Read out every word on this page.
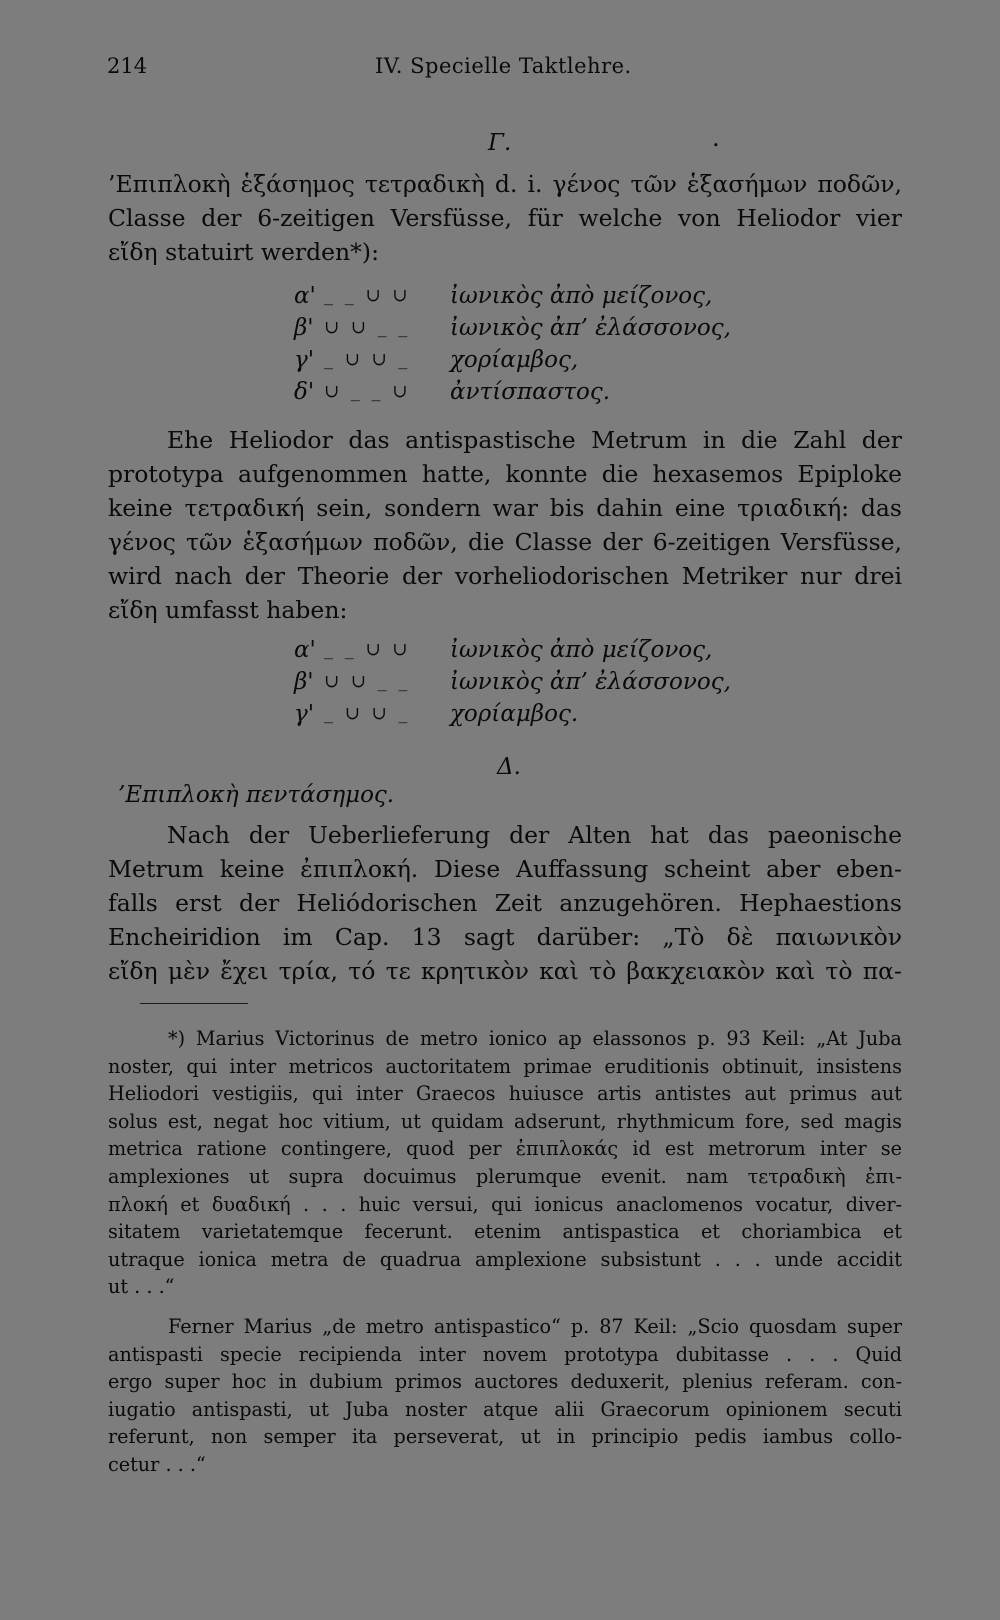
214	IV. Specielle Taktlehre.
Γ.	.
’Επιπλοκὴ ἑξάσημος τετραδικὴ d. i. γένος τῶν ἑξασήμων ποδῶν,
Classe der 6-zeitigen Versfüsse, für welche von Heliodor vier
εἴδη statuirt werden*):
α' _ _ ∪ ∪	ἰωνικὸς ἀπὸ μείζονος,
β' ∪ ∪ _ _	ἰωνικὸς ἀπ’ ἐλάσσονος,
γ' _ ∪ ∪ _	χορίαμβος,
δ' ∪ _ _ ∪	ἀντίσπαστος.
Ehe Heliodor das antispastische Metrum in die Zahl der
prototypa aufgenommen hatte, konnte die hexasemos Epiploke
keine τετραδική sein, sondern war bis dahin eine τριαδική: das
γένος τῶν ἑξασήμων ποδῶν, die Classe der 6-zeitigen Versfüsse,
wird nach der Theorie der vorheliodorischen Metriker nur drei
εἴδη umfasst haben:
α' _ _ ∪ ∪	ἰωνικὸς ἀπὸ μείζονος,
β' ∪ ∪ _ _	ἰωνικὸς ἀπ’ ἐλάσσονος,
γ' _ ∪ ∪ _	χορίαμβος.
Δ.
’Επιπλοκὴ πεντάσημος.
Nach der Ueberlieferung der Alten hat das paeonische
Metrum keine ἐπιπλοκή. Diese Auffassung scheint aber eben-
falls erst der Heliódorischen Zeit anzugehören. Hephaestions
Encheiridion im Cap. 13 sagt darüber: „Τὸ δὲ παιωνικὸν
εἴδη μὲν ἔχει τρία, τό τε κρητικὸν καὶ τὸ βακχειακὸν καὶ τὸ πα-
*) Marius Victorinus de metro ionico ap elassonos p. 93 Keil: „At Juba
noster, qui inter metricos auctoritatem primae eruditionis obtinuit, insistens
Heliodori vestigiis, qui inter Graecos huiusce artis antistes aut primus aut
solus est, negat hoc vitium, ut quidam adserunt, rhythmicum fore, sed magis
metrica ratione contingere, quod per ἐπιπλοκάς id est metrorum inter se
amplexiones ut supra docuimus plerumque evenit. nam τετραδικὴ ἐπι-
πλοκή et δυαδική . . . huic versui, qui ionicus anaclomenos vocatur, diver-
sitatem varietatemque fecerunt. etenim antispastica et choriambica et
utraque ionica metra de quadrua amplexione subsistunt . . . unde accidit
ut . . .“
Ferner Marius „de metro antispastico“ p. 87 Keil: „Scio quosdam super
antispasti specie recipienda inter novem prototypa dubitasse . . . Quid
ergo super hoc in dubium primos auctores deduxerit, plenius referam. con-
iugatio antispasti, ut Juba noster atque alii Graecorum opinionem secuti
referunt, non semper ita perseverat, ut in principio pedis iambus collo-
cetur . . .“
